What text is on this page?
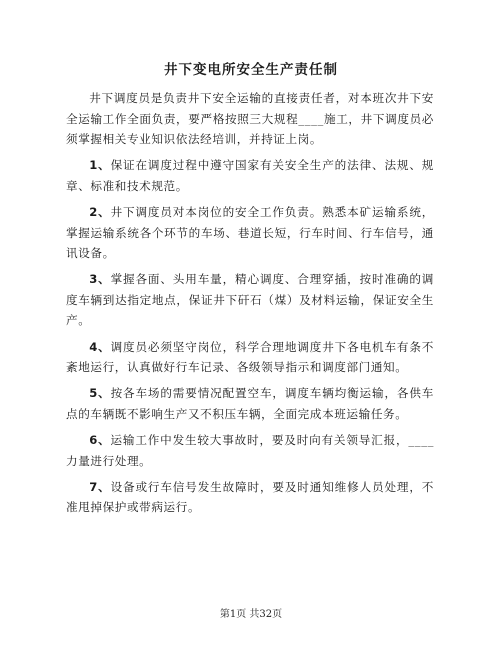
井下变电所安全生产责任制

井下调度员是负责井下安全运输的直接责任者，对本班次井下安全运输工作全面负责，要严格按照三大规程____施工，井下调度员必须掌握相关专业知识依法经培训，并持证上岗。

1、保证在调度过程中遵守国家有关安全生产的法律、法规、规章、标准和技术规范。

2、井下调度员对本岗位的安全工作负责。熟悉本矿运输系统，掌握运输系统各个环节的车场、巷道长短，行车时间、行车信号，通讯设备。

3、掌握各面、头用车量，精心调度、合理穿插，按时准确的调度车辆到达指定地点，保证井下矸石（煤）及材料运输，保证安全生产。

4、调度员必须坚守岗位，科学合理地调度井下各电机车有条不紊地运行，认真做好行车记录、各级领导指示和调度部门通知。

5、按各车场的需要情况配置空车，调度车辆均衡运输，各供车点的车辆既不影响生产又不积压车辆，全面完成本班运输任务。

6、运输工作中发生较大事故时，要及时向有关领导汇报，____力量进行处理。

7、设备或行车信号发生故障时，要及时通知维修人员处理，不准甩掉保护或带病运行。

第1页 共32页
